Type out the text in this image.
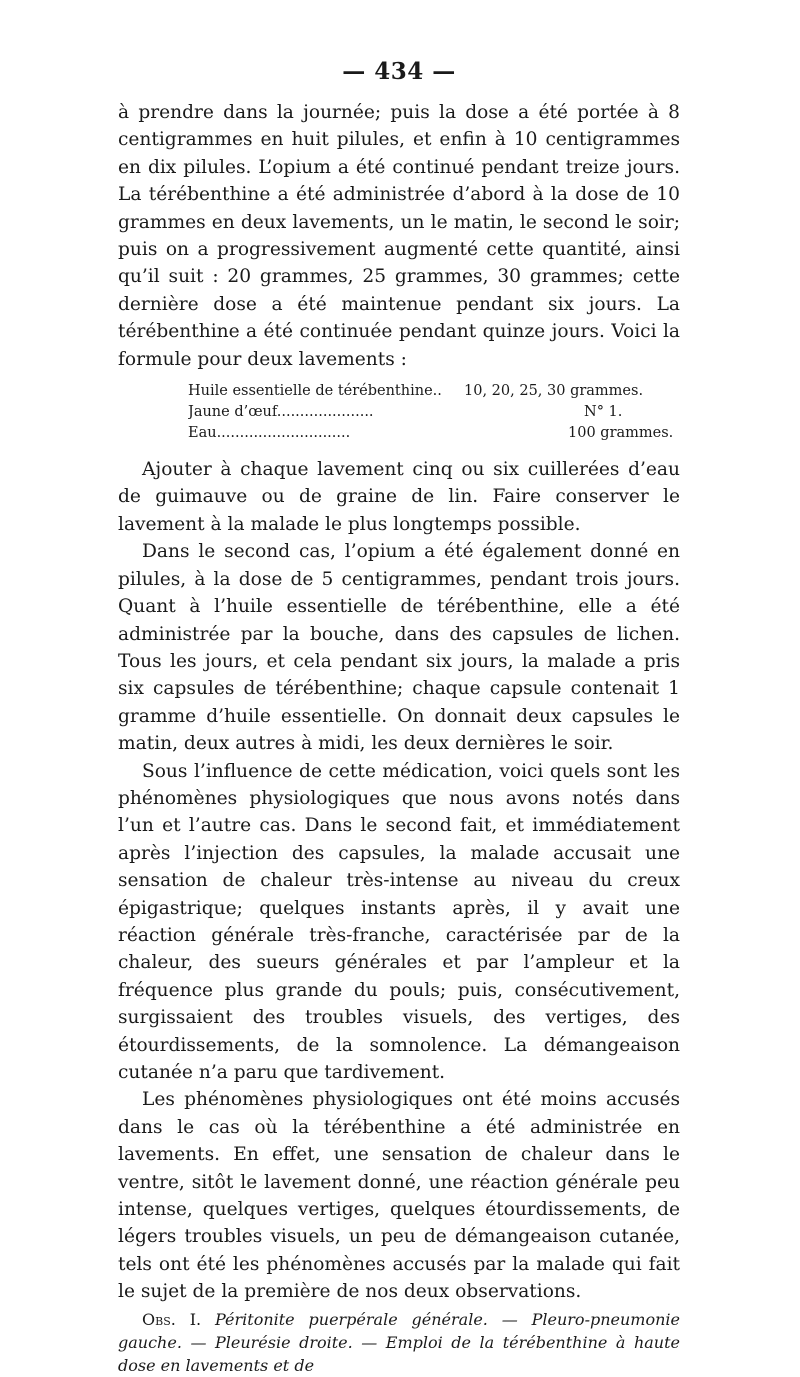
— 434 —

à prendre dans la journée; puis la dose a été portée à 8 centigrammes en huit pilules, et enfin à 10 centigrammes en dix pilules. L’opium a été continué pendant treize jours. La térébenthine a été administrée d’abord à la dose de 10 grammes en deux lavements, un le matin, le second le soir; puis on a progressivement augmenté cette quantité, ainsi qu’il suit : 20 grammes, 25 grammes, 30 grammes; cette dernière dose a été maintenue pendant six jours. La térébenthine a été continuée pendant quinze jours. Voici la formule pour deux lavements :

Huile essentielle de térébenthine..	10, 20, 25, 30 grammes.
Jaune d’œuf.....................	N° 1.
Eau.............................	100 grammes.

Ajouter à chaque lavement cinq ou six cuillerées d’eau de guimauve ou de graine de lin. Faire conserver le lavement à la malade le plus longtemps possible.

Dans le second cas, l’opium a été également donné en pilules, à la dose de 5 centigrammes, pendant trois jours. Quant à l’huile essentielle de térébenthine, elle a été administrée par la bouche, dans des capsules de lichen. Tous les jours, et cela pendant six jours, la malade a pris six capsules de térébenthine; chaque capsule contenait 1 gramme d’huile essentielle. On donnait deux capsules le matin, deux autres à midi, les deux dernières le soir.

Sous l’influence de cette médication, voici quels sont les phénomènes physiologiques que nous avons notés dans l’un et l’autre cas. Dans le second fait, et immédiatement après l’injection des capsules, la malade accusait une sensation de chaleur très-intense au niveau du creux épigastrique; quelques instants après, il y avait une réaction générale très-franche, caractérisée par de la chaleur, des sueurs générales et par l’ampleur et la fréquence plus grande du pouls; puis, consécutivement, surgissaient des troubles visuels, des vertiges, des étourdissements, de la somnolence. La démangeaison cutanée n’a paru que tardivement.

Les phénomènes physiologiques ont été moins accusés dans le cas où la térébenthine a été administrée en lavements. En effet, une sensation de chaleur dans le ventre, sitôt le lavement donné, une réaction générale peu intense, quelques vertiges, quelques étourdissements, de légers troubles visuels, un peu de démangeaison cutanée, tels ont été les phénomènes accusés par la malade qui fait le sujet de la première de nos deux observations.

Obs. I. Péritonite puerpérale générale. — Pleuro-pneumonie gauche. — Pleurésie droite. — Emploi de la térébenthine à haute dose en lavements et de
